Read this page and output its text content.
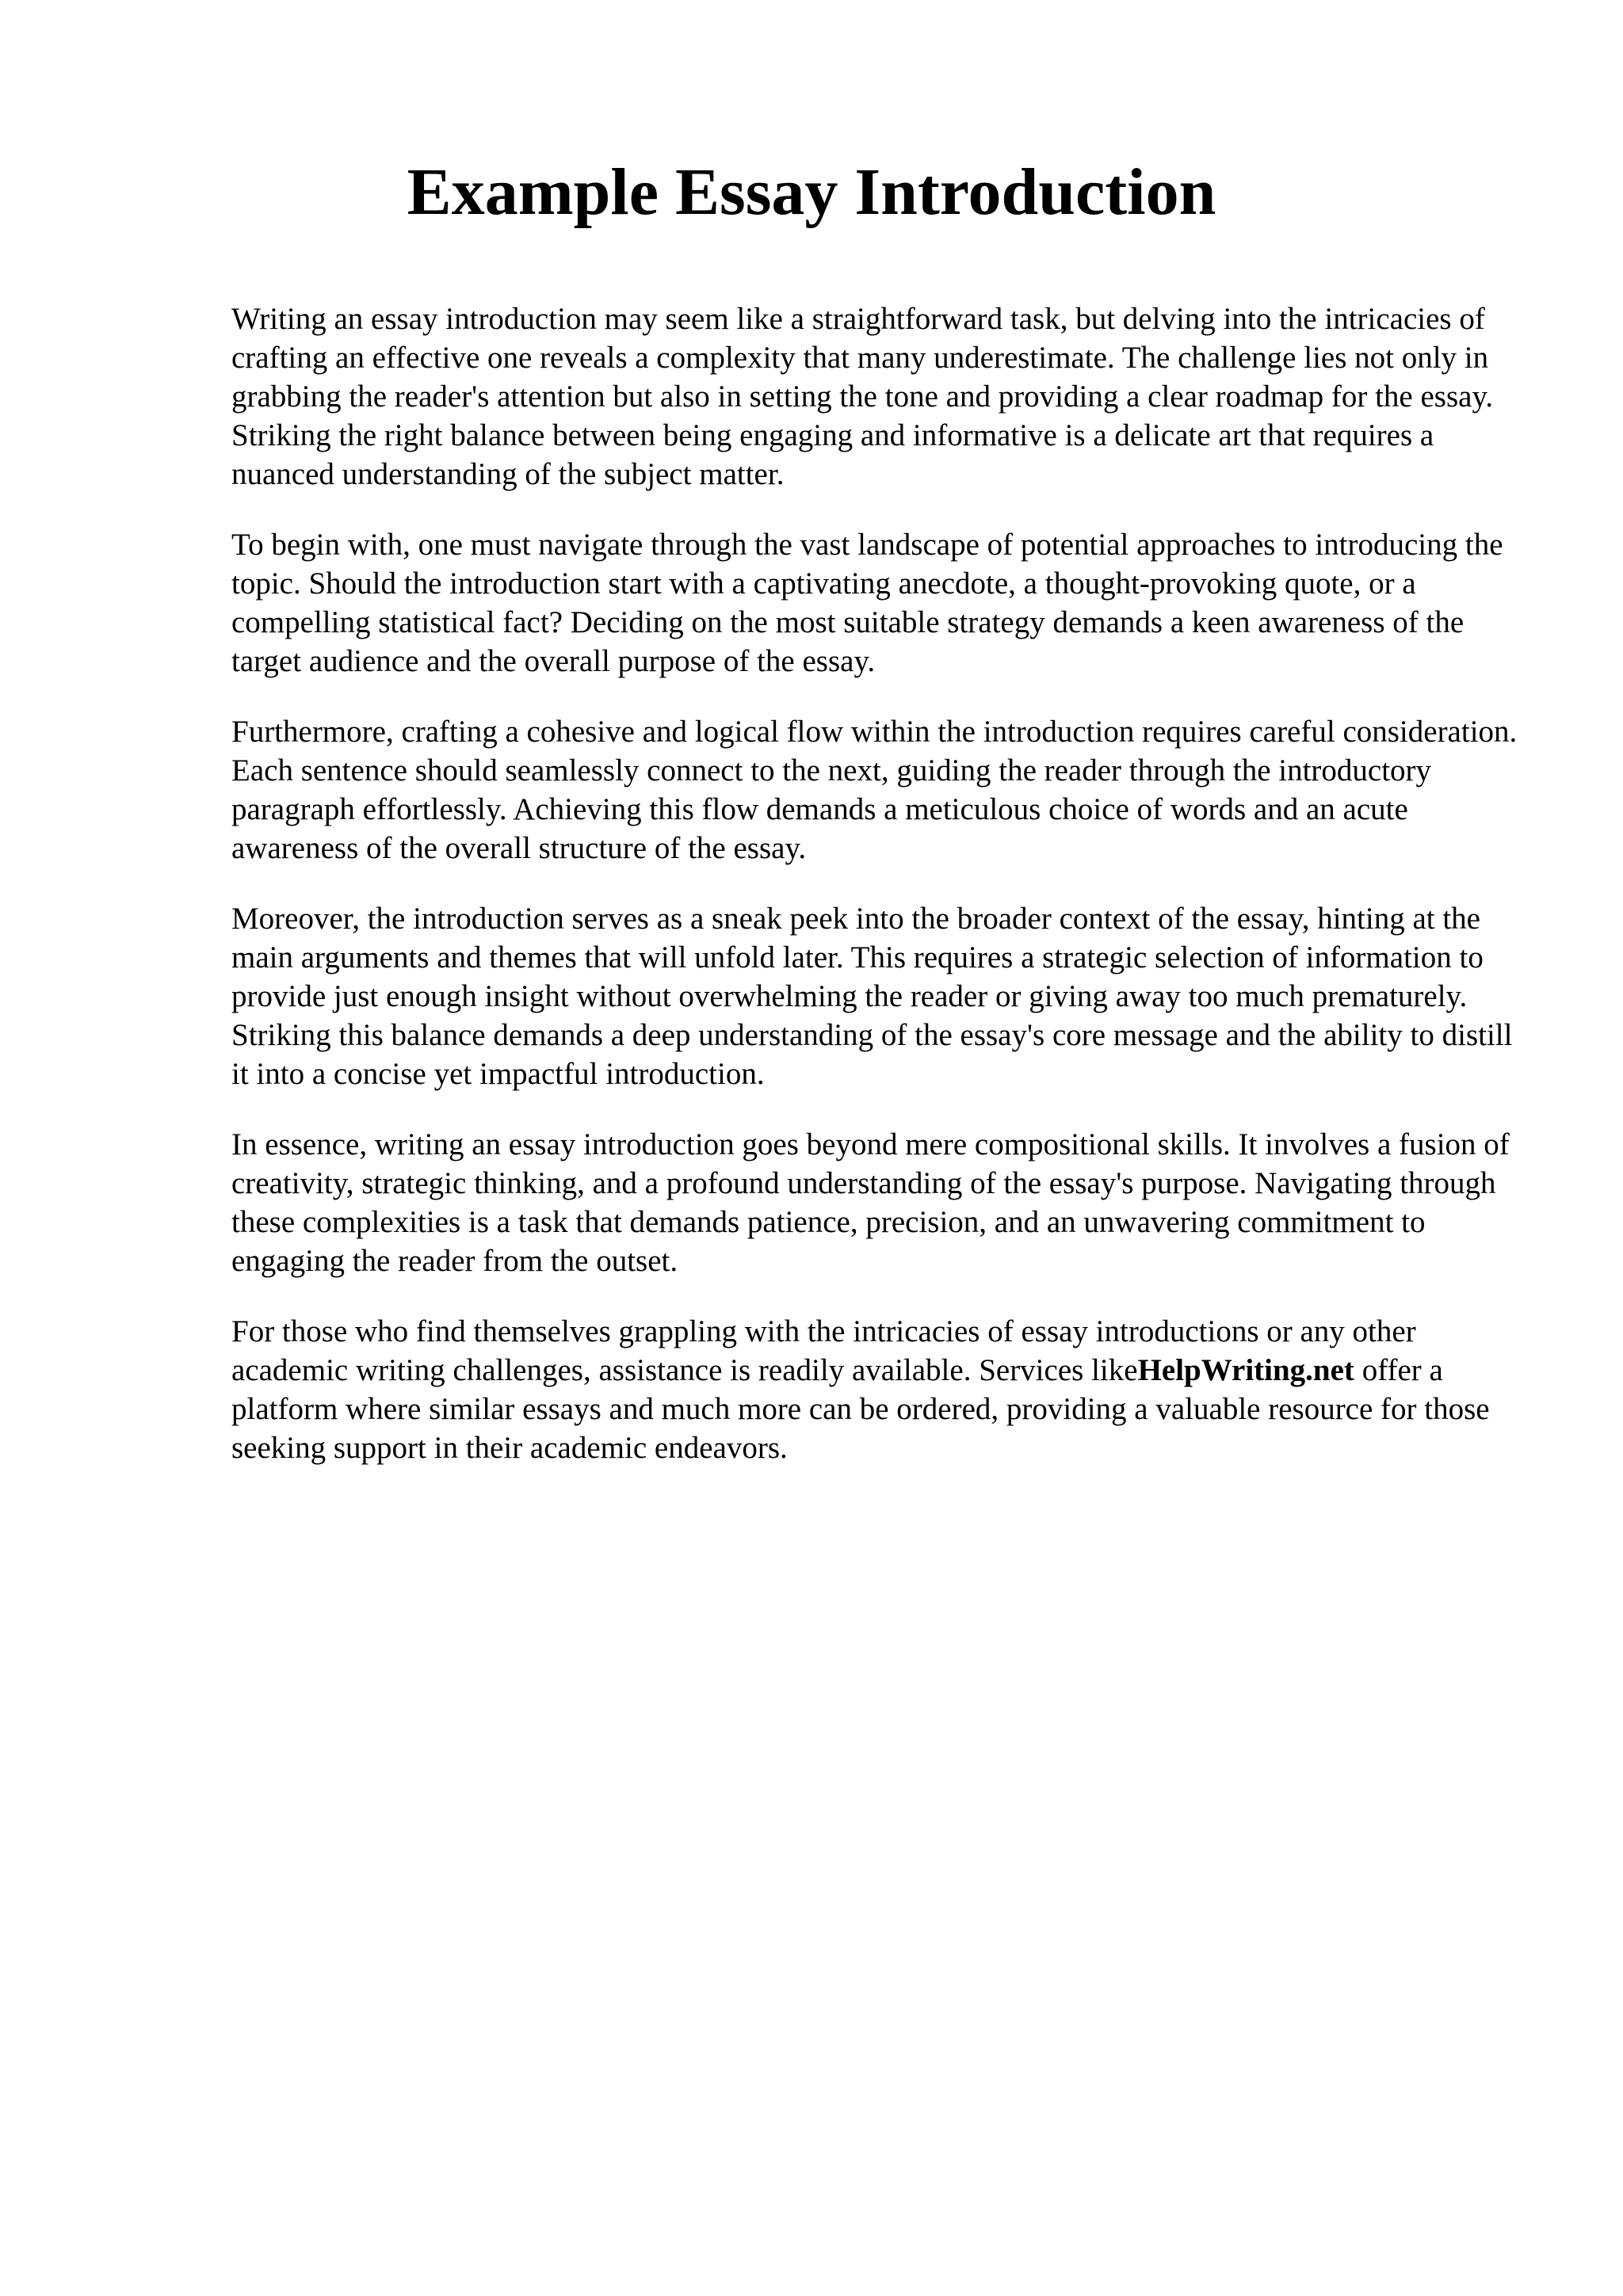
Example Essay Introduction

Writing an essay introduction may seem like a straightforward task, but delving into the intricacies of crafting an effective one reveals a complexity that many underestimate. The challenge lies not only in grabbing the reader's attention but also in setting the tone and providing a clear roadmap for the essay. Striking the right balance between being engaging and informative is a delicate art that requires a nuanced understanding of the subject matter.

To begin with, one must navigate through the vast landscape of potential approaches to introducing the topic. Should the introduction start with a captivating anecdote, a thought-provoking quote, or a compelling statistical fact? Deciding on the most suitable strategy demands a keen awareness of the target audience and the overall purpose of the essay.

Furthermore, crafting a cohesive and logical flow within the introduction requires careful consideration. Each sentence should seamlessly connect to the next, guiding the reader through the introductory paragraph effortlessly. Achieving this flow demands a meticulous choice of words and an acute awareness of the overall structure of the essay.

Moreover, the introduction serves as a sneak peek into the broader context of the essay, hinting at the main arguments and themes that will unfold later. This requires a strategic selection of information to provide just enough insight without overwhelming the reader or giving away too much prematurely. Striking this balance demands a deep understanding of the essay's core message and the ability to distill it into a concise yet impactful introduction.

In essence, writing an essay introduction goes beyond mere compositional skills. It involves a fusion of creativity, strategic thinking, and a profound understanding of the essay's purpose. Navigating through these complexities is a task that demands patience, precision, and an unwavering commitment to engaging the reader from the outset.

For those who find themselves grappling with the intricacies of essay introductions or any other academic writing challenges, assistance is readily available. Services likeHelpWriting.net offer a platform where similar essays and much more can be ordered, providing a valuable resource for those seeking support in their academic endeavors.
